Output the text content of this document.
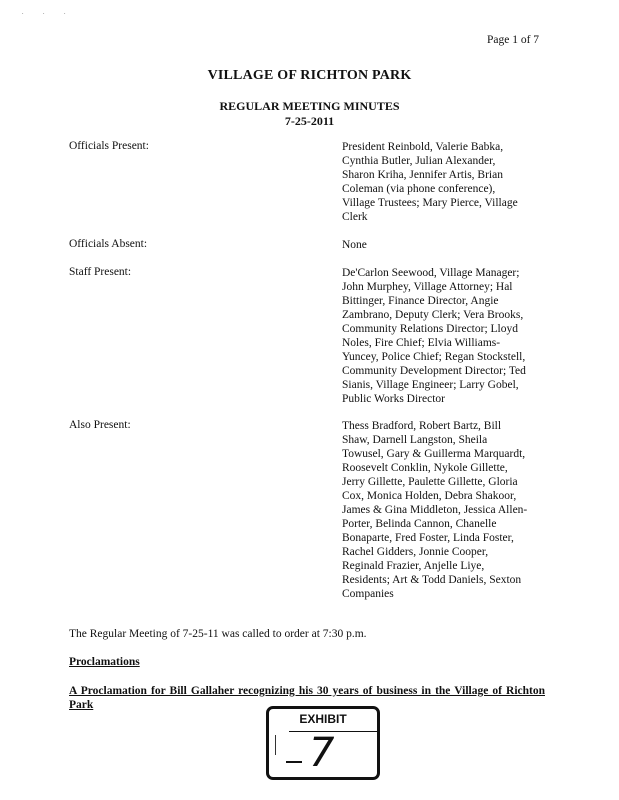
. . .
Page 1 of 7
VILLAGE OF RICHTON PARK
REGULAR MEETING MINUTES
7-25-2011
Officials Present:	President Reinbold, Valerie Babka,
Cynthia Butler, Julian Alexander,
Sharon Kriha, Jennifer Artis, Brian
Coleman (via phone conference),
Village Trustees; Mary Pierce, Village
Clerk
Officials Absent:	None
Staff Present:	De'Carlon Seewood, Village Manager;
John Murphey, Village Attorney; Hal
Bittinger, Finance Director, Angie
Zambrano, Deputy Clerk; Vera Brooks,
Community Relations Director; Lloyd
Noles, Fire Chief; Elvia Williams-
Yuncey, Police Chief; Regan Stockstell,
Community Development Director; Ted
Sianis, Village Engineer; Larry Gobel,
Public Works Director
Also Present:	Thess Bradford, Robert Bartz, Bill
Shaw, Darnell Langston, Sheila
Towusel, Gary & Guillerma Marquardt,
Roosevelt Conklin, Nykole Gillette,
Jerry Gillette, Paulette Gillette, Gloria
Cox, Monica Holden, Debra Shakoor,
James & Gina Middleton, Jessica Allen-
Porter, Belinda Cannon, Chanelle
Bonaparte, Fred Foster, Linda Foster,
Rachel Gidders, Jonnie Cooper,
Reginald Frazier, Anjelle Liye,
Residents; Art & Todd Daniels, Sexton
Companies
The Regular Meeting of 7-25-11 was called to order at 7:30 p.m.
Proclamations
A Proclamation for Bill Gallaher recognizing his 30 years of business in the Village of Richton Park
EXHIBIT
7
